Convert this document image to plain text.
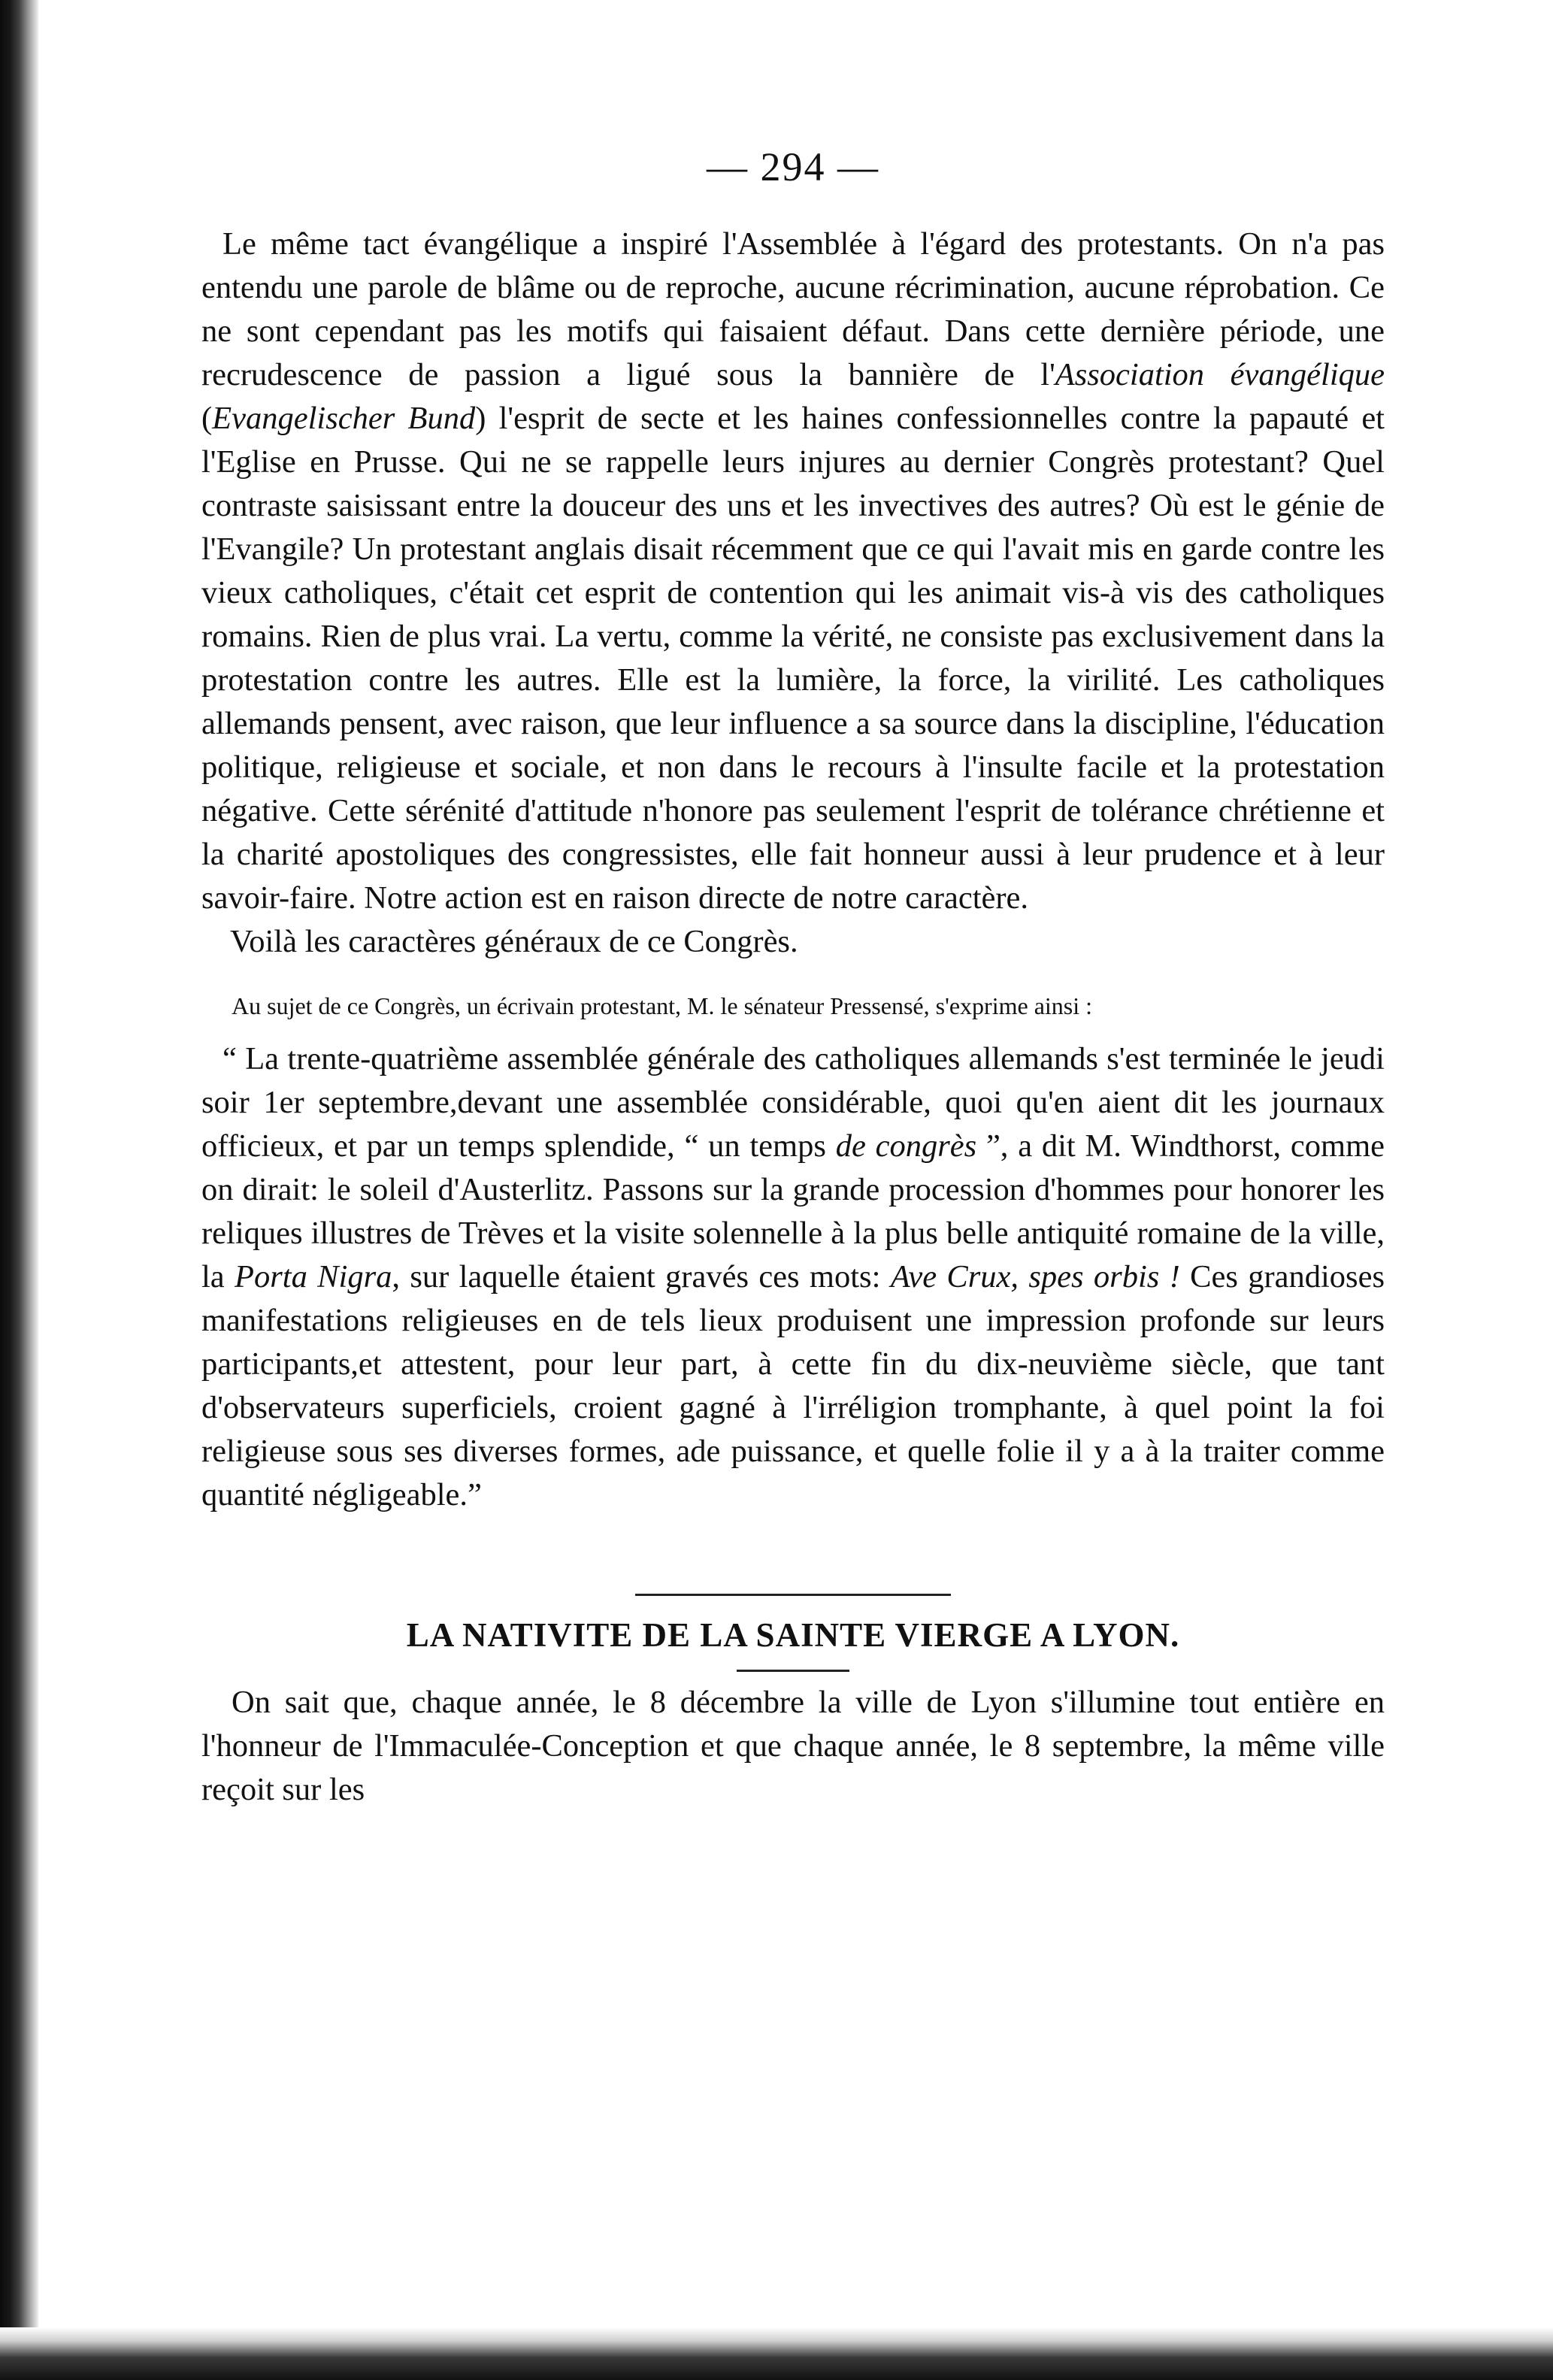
— 294 —

Le même tact évangélique a inspiré l'Assemblée à l'égard des protestants. On n'a pas entendu une parole de blâme ou de reproche, aucune récrimination, aucune réprobation. Ce ne sont cependant pas les motifs qui faisaient défaut. Dans cette dernière période, une recrudescence de passion a ligué sous la bannière de l'Association évangélique (Evangelischer Bund) l'esprit de secte et les haines confessionnelles contre la papauté et l'Eglise en Prusse. Qui ne se rappelle leurs injures au dernier Congrès protestant? Quel contraste saisissant entre la douceur des uns et les invectives des autres? Où est le génie de l'Evangile? Un protestant anglais disait récemment que ce qui l'avait mis en garde contre les vieux catholiques, c'était cet esprit de contention qui les animait vis-à vis des catholiques romains. Rien de plus vrai. La vertu, comme la vérité, ne consiste pas exclusivement dans la protestation contre les autres. Elle est la lumière, la force, la virilité. Les catholiques allemands pensent, avec raison, que leur influence a sa source dans la discipline, l'éducation politique, religieuse et sociale, et non dans le recours à l'insulte facile et la protestation négative. Cette sérénité d'attitude n'honore pas seulement l'esprit de tolérance chrétienne et la charité apostoliques des congressistes, elle fait honneur aussi à leur prudence et à leur savoir-faire. Notre action est en raison directe de notre caractère.

Voilà les caractères généraux de ce Congrès.

Au sujet de ce Congrès, un écrivain protestant, M. le sénateur Pressensé, s'exprime ainsi :

“ La trente-quatrième assemblée générale des catholiques allemands s'est terminée le jeudi soir 1er septembre,devant une assemblée considérable, quoi qu'en aient dit les journaux officieux, et par un temps splendide, “ un temps de congrès ”, a dit M. Windthorst, comme on dirait: le soleil d'Austerlitz. Passons sur la grande procession d'hommes pour honorer les reliques illustres de Trèves et la visite solennelle à la plus belle antiquité romaine de la ville, la Porta Nigra, sur laquelle étaient gravés ces mots: Ave Crux, spes orbis ! Ces grandioses manifestations religieuses en de tels lieux produisent une impression profonde sur leurs participants,et attestent, pour leur part, à cette fin du dix-neuvième siècle, que tant d'observateurs superficiels, croient gagné à l'irréligion tromphante, à quel point la foi religieuse sous ses diverses formes, ade puissance, et quelle folie il y a à la traiter comme quantité négligeable.”

LA NATIVITE DE LA SAINTE VIERGE A LYON.

On sait que, chaque année, le 8 décembre la ville de Lyon s'illumine tout entière en l'honneur de l'Immaculée-Conception et que chaque année, le 8 septembre, la même ville reçoit sur les
